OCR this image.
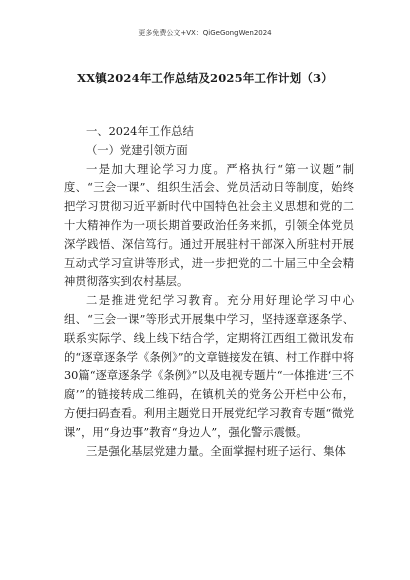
更多免费公文+VX：QiGeGongWen2024
XX镇2024年工作总结及2025年工作计划（3）

一、2024年工作总结

（一）党建引领方面

一是加大理论学习力度。严格执行“第一议题”制度、“三会一课”、组织生活会、党员活动日等制度，始终把学习贯彻习近平新时代中国特色社会主义思想和党的二十大精神作为一项长期首要政治任务来抓，引领全体党员深学践悟、深信笃行。通过开展驻村干部深入所驻村开展互动式学习宣讲等形式，进一步把党的二十届三中全会精神贯彻落实到农村基层。

二是推进党纪学习教育。充分用好理论学习中心组、“三会一课”等形式开展集中学习，坚持逐章逐条学、联系实际学、线上线下结合学，定期将江西组工微讯发布的“逐章逐条学《条例》”的文章链接发在镇、村工作群中将30篇“逐章逐条学《条例》”以及电视专题片“一体推进‘三不腐’”的链接转成二维码，在镇机关的党务公开栏中公布，方便扫码查看。利用主题党日开展党纪学习教育专题“微党课”，用“身边事”教育“身边人”，强化警示震慑。

三是强化基层党建力量。全面掌握村班子运行、集体
